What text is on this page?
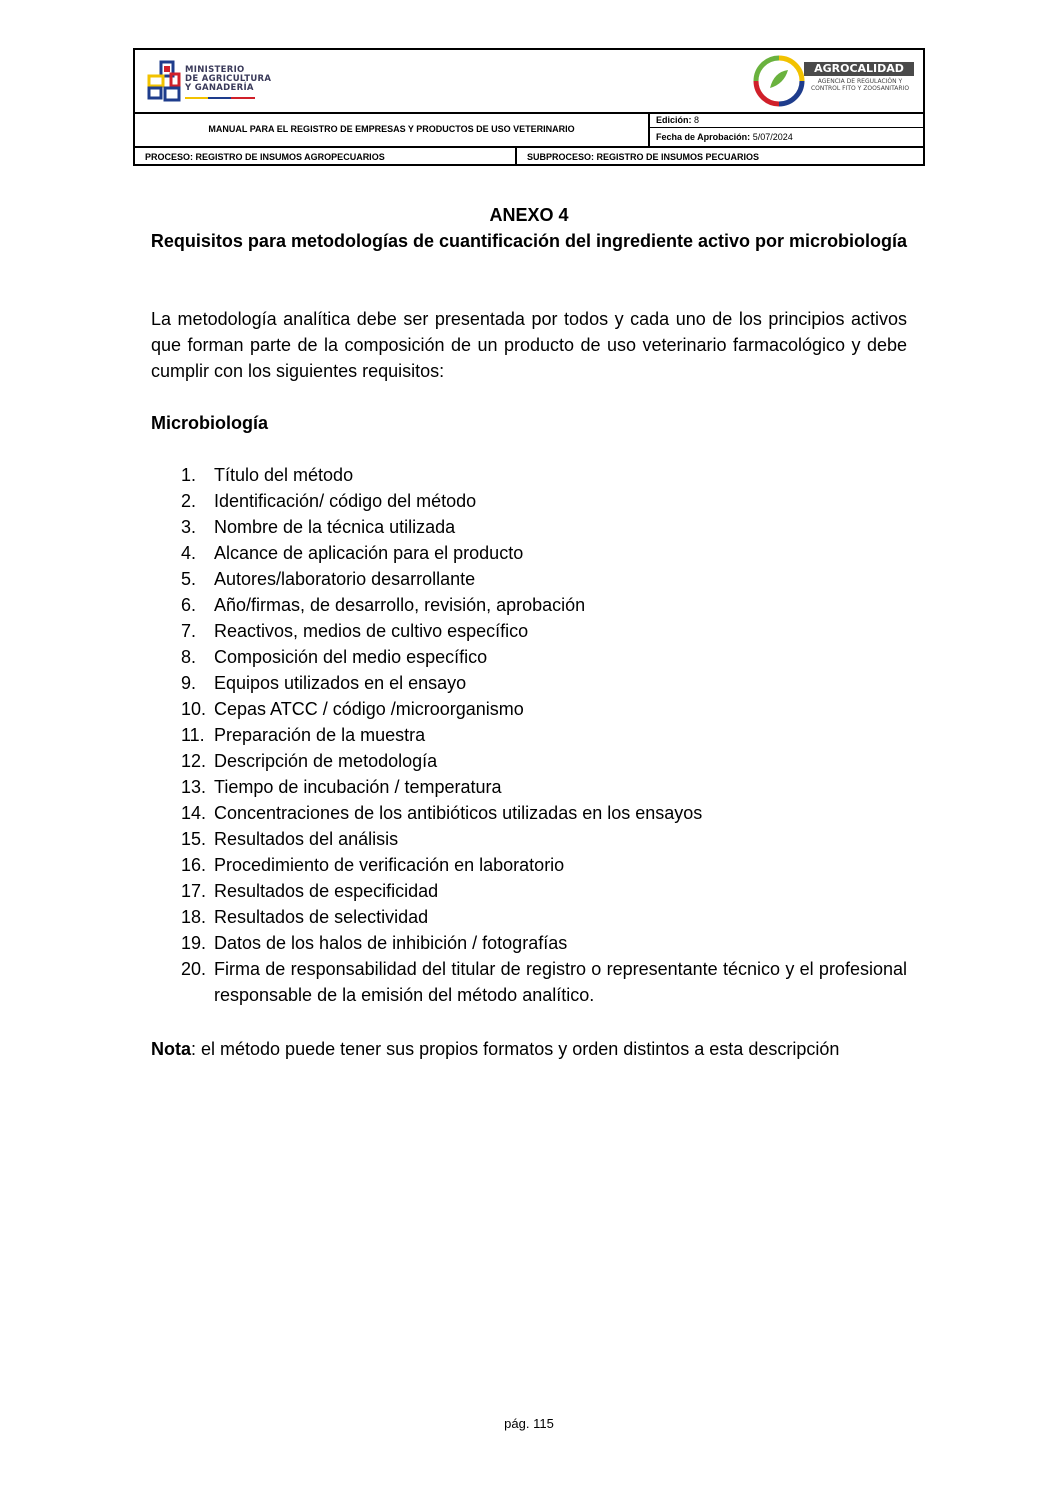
MINISTERIO
DE AGRICULTURA
Y GANADERÍA
AGROCALIDAD
AGENCIA DE REGULACIÓN Y CONTROL FITO Y ZOOSANITARIO
MANUAL PARA EL REGISTRO DE EMPRESAS Y PRODUCTOS DE USO VETERINARIO
Edición: 8
Fecha de Aprobación: 5/07/2024
PROCESO: REGISTRO DE INSUMOS AGROPECUARIOS	SUBPROCESO: REGISTRO DE INSUMOS PECUARIOS
ANEXO 4
Requisitos para metodologías de cuantificación del ingrediente activo por microbiología
La metodología analítica debe ser presentada por todos y cada uno de los principios activos que forman parte de la composición de un producto de uso veterinario farmacológico y debe cumplir con los siguientes requisitos:
Microbiología
1. Título del método
2. Identificación/ código del método
3. Nombre de la técnica utilizada
4. Alcance de aplicación para el producto
5. Autores/laboratorio desarrollante
6. Año/firmas, de desarrollo, revisión, aprobación
7. Reactivos, medios de cultivo específico
8. Composición del medio específico
9. Equipos utilizados en el ensayo
10. Cepas ATCC / código /microorganismo
11. Preparación de la muestra
12. Descripción de metodología
13. Tiempo de incubación / temperatura
14. Concentraciones de los antibióticos utilizadas en los ensayos
15. Resultados del análisis
16. Procedimiento de verificación en laboratorio
17. Resultados de especificidad
18. Resultados de selectividad
19. Datos de los halos de inhibición / fotografías
20. Firma de responsabilidad del titular de registro o representante técnico y el profesional responsable de la emisión del método analítico.
Nota: el método puede tener sus propios formatos y orden distintos a esta descripción
pág. 115
